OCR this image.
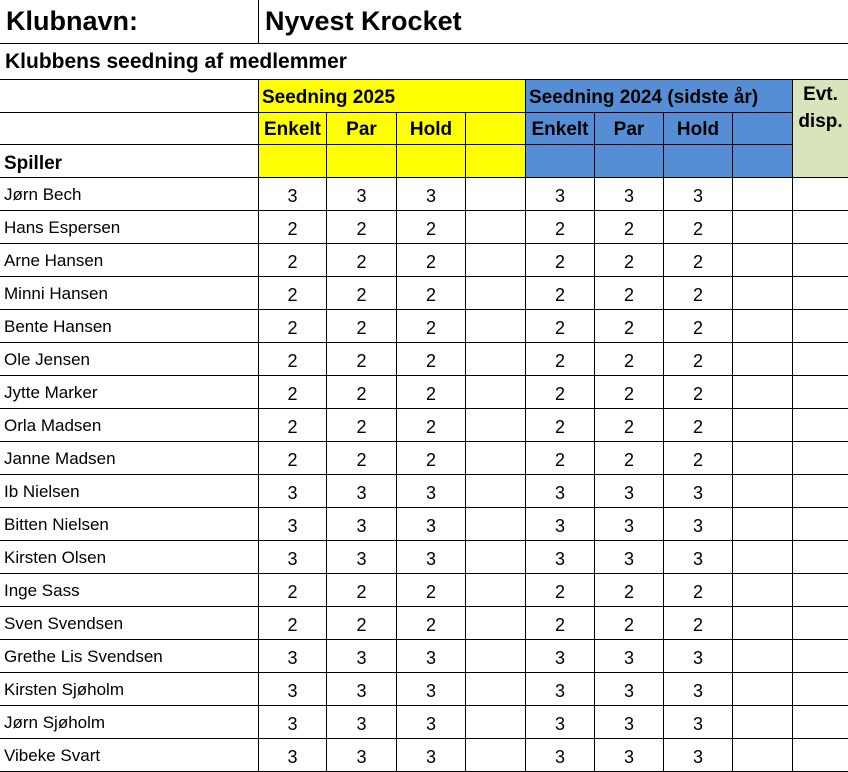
Klubnavn:	Nyvest Krocket
Klubbens seedning af medlemmer
Seedning 2025	Seedning 2024 (sidste år)	Evt.
disp.
Enkelt	Par	Hold	Enkelt	Par	Hold
Spiller
Jørn Bech	3	3	3	3	3	3
Hans Espersen	2	2	2	2	2	2
Arne Hansen	2	2	2	2	2	2
Minni Hansen	2	2	2	2	2	2
Bente Hansen	2	2	2	2	2	2
Ole Jensen	2	2	2	2	2	2
Jytte Marker	2	2	2	2	2	2
Orla Madsen	2	2	2	2	2	2
Janne Madsen	2	2	2	2	2	2
Ib Nielsen	3	3	3	3	3	3
Bitten Nielsen	3	3	3	3	3	3
Kirsten Olsen	3	3	3	3	3	3
Inge Sass	2	2	2	2	2	2
Sven Svendsen	2	2	2	2	2	2
Grethe Lis Svendsen	3	3	3	3	3	3
Kirsten Sjøholm	3	3	3	3	3	3
Jørn Sjøholm	3	3	3	3	3	3
Vibeke Svart	3	3	3	3	3	3
